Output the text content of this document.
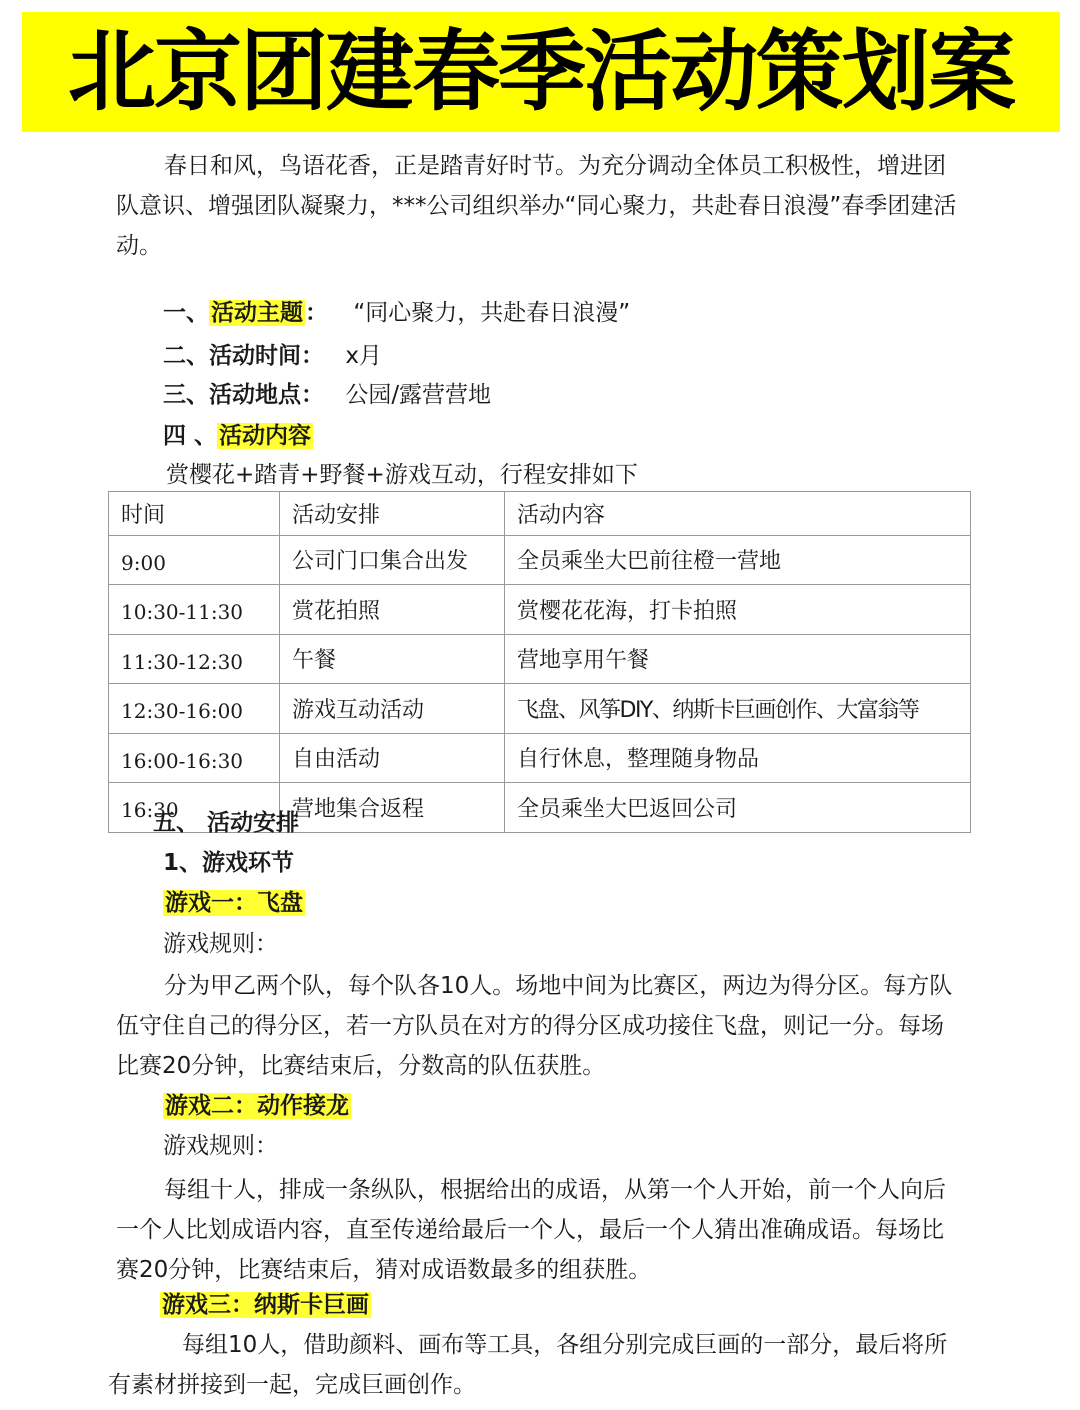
北京团建春季活动策划案
春日和风，鸟语花香，正是踏青好时节。为充分调动全体员工积极性，增进团队意识、增强团队凝聚力，***公司组织举办“同心聚力，共赴春日浪漫”春季团建活动。
一、活动主题： “同心聚力，共赴春日浪漫”
二、活动时间： x月
三、活动地点： 公园/露营营地
四 、活动内容
赏樱花+踏青+野餐+游戏互动，行程安排如下
时间	活动安排	活动内容
9:00	公司门口集合出发	全员乘坐大巴前往橙一营地
10:30-11:30	赏花拍照	赏樱花花海，打卡拍照
11:30-12:30	午餐	营地享用午餐
12:30-16:00	游戏互动活动	飞盘、风筝DIY、纳斯卡巨画创作、大富翁等
16:00-16:30	自由活动	自行休息，整理随身物品
16:30	营地集合返程	全员乘坐大巴返回公司
五、 活动安排
1、游戏环节
游戏一：飞盘
游戏规则：
分为甲乙两个队，每个队各10人。场地中间为比赛区，两边为得分区。每方队伍守住自己的得分区，若一方队员在对方的得分区成功接住飞盘，则记一分。每场比赛20分钟，比赛结束后，分数高的队伍获胜。
游戏二：动作接龙
游戏规则：
每组十人，排成一条纵队，根据给出的成语，从第一个人开始，前一个人向后一个人比划成语内容，直至传递给最后一个人，最后一个人猜出准确成语。每场比赛20分钟，比赛结束后，猜对成语数最多的组获胜。
游戏三：纳斯卡巨画
每组10人，借助颜料、画布等工具，各组分别完成巨画的一部分，最后将所有素材拼接到一起，完成巨画创作。
